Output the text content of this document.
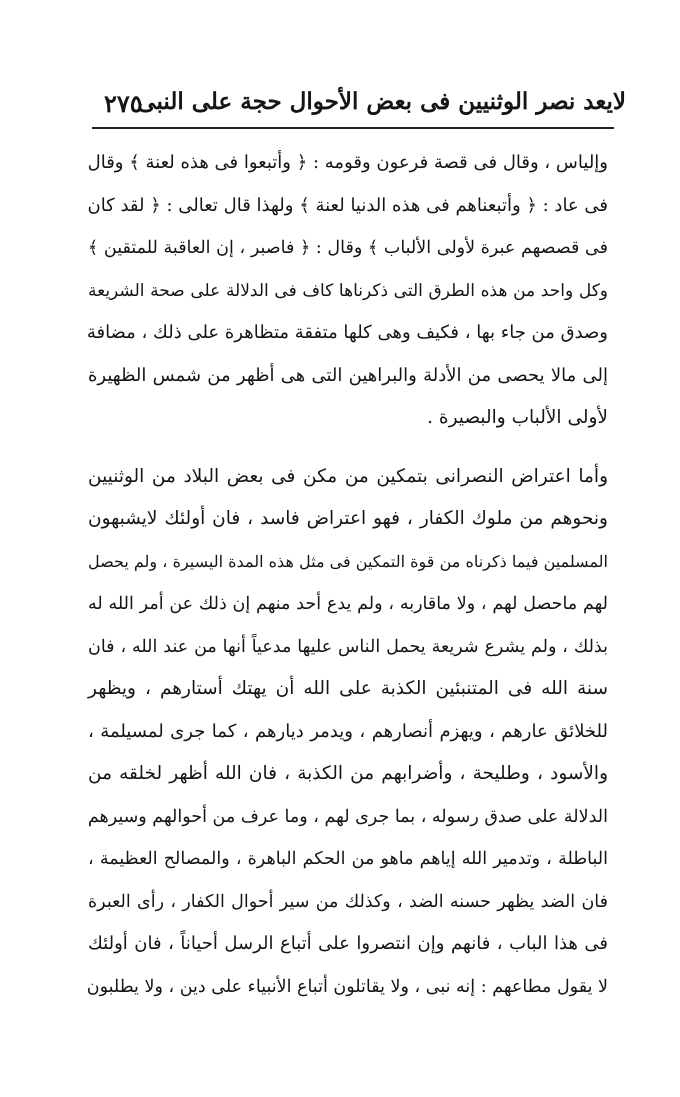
لايعد نصر الوثنيين فى بعض الأحوال حجة على النبى
٢٧٥
وإلياس ، وقال فى قصة فرعون وقومه : ﴿ وأتبعوا فى هذه لعنة ﴾ وقال
فى عاد : ﴿ وأتبعناهم فى هذه الدنيا لعنة ﴾ ولهذا قال تعالى : ﴿ لقد كان
فى قصصهم عبرة لأولى الألباب ﴾ وقال : ﴿ فاصبر ، إن العاقبة للمتقين ﴾
وكل واحد من هذه الطرق التى ذكرناها كاف فى الدلالة على صحة الشريعة
وصدق من جاء بها ، فكيف وهى كلها متفقة متظاهرة على ذلك ، مضافة
إلى مالا يحصى من الأدلة والبراهين التى هى أظهر من شمس الظهيرة
لأولى الألباب والبصيرة .
وأما اعتراض النصرانى بتمكين من مكن فى بعض البلاد من الوثنيين
ونحوهم من ملوك الكفار ، فهو اعتراض فاسد ، فان أولئك لايشبهون
المسلمين فيما ذكرناه من قوة التمكين فى مثل هذه المدة اليسيرة ، ولم يحصل
لهم ماحصل لهم ، ولا ماقاربه ، ولم يدع أحد منهم إن ذلك عن أمر الله له
بذلك ، ولم يشرع شريعة يحمل الناس عليها مدعياً أنها من عند الله ، فان
سنة الله فى المتنبئين الكذبة على الله أن يهتك أستارهم ، ويظهر
للخلائق عارهم ، ويهزم أنصارهم ، ويدمر ديارهم ، كما جرى لمسيلمة ،
والأسود ، وطليحة ، وأضرابهم من الكذبة ، فان الله أظهر لخلقه من
الدلالة على صدق رسوله ، بما جرى لهم ، وما عرف من أحوالهم وسيرهم
الباطلة ، وتدمير الله إياهم ماهو من الحكم الباهرة ، والمصالح العظيمة ،
فان الضد يظهر حسنه الضد ، وكذلك من سير أحوال الكفار ، رأى العبرة
فى هذا الباب ، فانهم وإن انتصروا على أتباع الرسل أحياناً ، فان أولئك
لا يقول مطاعهم : إنه نبى ، ولا يقاتلون أتباع الأنبياء على دين ، ولا يطلبون
